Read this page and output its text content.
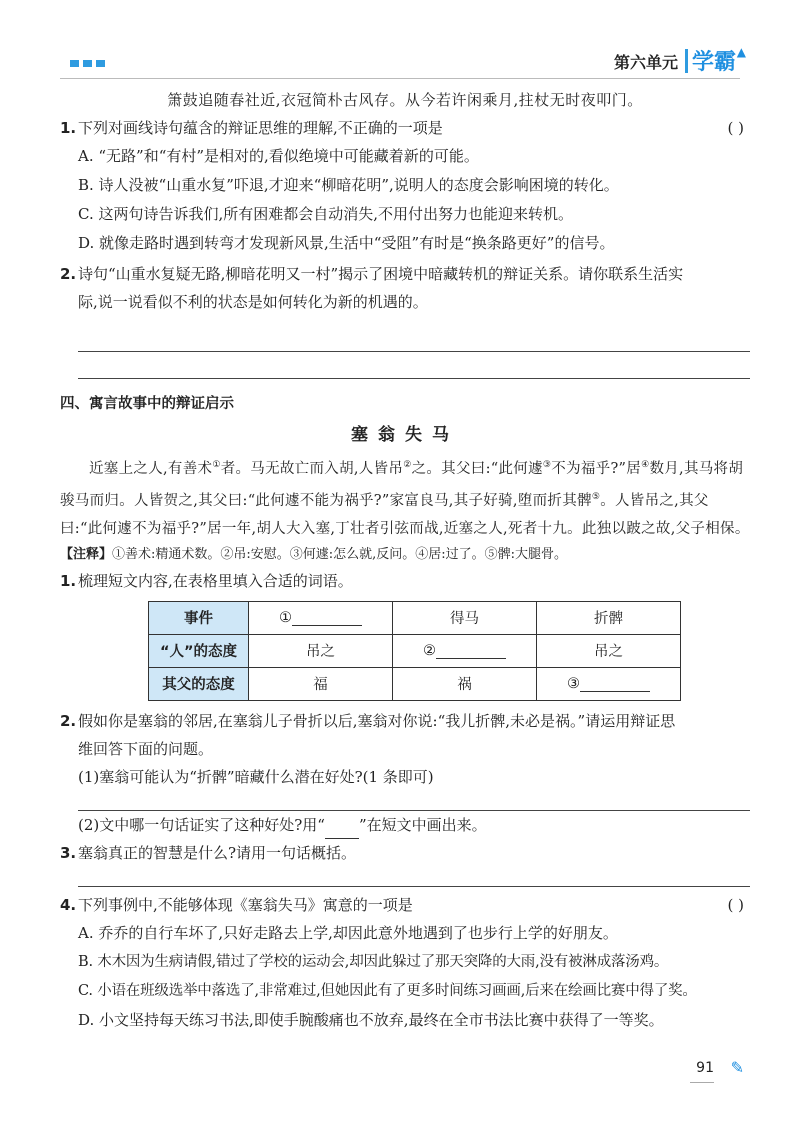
第六单元 学霸 ▲
箫鼓追随春社近,衣冠简朴古风存。从今若许闲乘月,拄杖无时夜叩门。
1. 下列对画线诗句蕴含的辩证思维的理解,不正确的一项是	( )
A. “无路”和“有村”是相对的,看似绝境中可能藏着新的可能。
B. 诗人没被“山重水复”吓退,才迎来“柳暗花明”,说明人的态度会影响困境的转化。
C. 这两句诗告诉我们,所有困难都会自动消失,不用付出努力也能迎来转机。
D. 就像走路时遇到转弯才发现新风景,生活中“受阻”有时是“换条路更好”的信号。
2. 诗句“山重水复疑无路,柳暗花明又一村”揭示了困境中暗藏转机的辩证关系。请你联系生活实
际,说一说看似不利的状态是如何转化为新的机遇的。
四、寓言故事中的辩证启示
塞翁失马
近塞上之人,有善术①者。马无故亡而入胡,人皆吊②之。其父曰:“此何遽③不为福乎?”居④数月,其马将胡骏马而归。人皆贺之,其父曰:“此何遽不能为祸乎?”家富良马,其子好骑,堕而折其髀⑤。人皆吊之,其父曰:“此何遽不为福乎?”居一年,胡人大入塞,丁壮者引弦而战,近塞之人,死者十九。此独以跛之故,父子相保。
【注释】①善术:精通术数。②吊:安慰。③何遽:怎么就,反问。④居:过了。⑤髀:大腿骨。
1. 梳理短文内容,在表格里填入合适的词语。
事件	①	得马	折髀
“人”的态度	吊之	②	吊之
其父的态度	福	祸	③
2. 假如你是塞翁的邻居,在塞翁儿子骨折以后,塞翁对你说:“我儿折髀,未必是祸。”请运用辩证思
维回答下面的问题。
(1)塞翁可能认为“折髀”暗藏什么潜在好处?(1 条即可)
(2)文中哪一句话证实了这种好处?用“ ”在短文中画出来。
3. 塞翁真正的智慧是什么?请用一句话概括。
4. 下列事例中,不能够体现《塞翁失马》寓意的一项是	( )
A. 乔乔的自行车坏了,只好走路去上学,却因此意外地遇到了也步行上学的好朋友。
B. 木木因为生病请假,错过了学校的运动会,却因此躲过了那天突降的大雨,没有被淋成落汤鸡。
C. 小语在班级选举中落选了,非常难过,但她因此有了更多时间练习画画,后来在绘画比赛中得了奖。
D. 小文坚持每天练习书法,即使手腕酸痛也不放弃,最终在全市书法比赛中获得了一等奖。
91 ✎
